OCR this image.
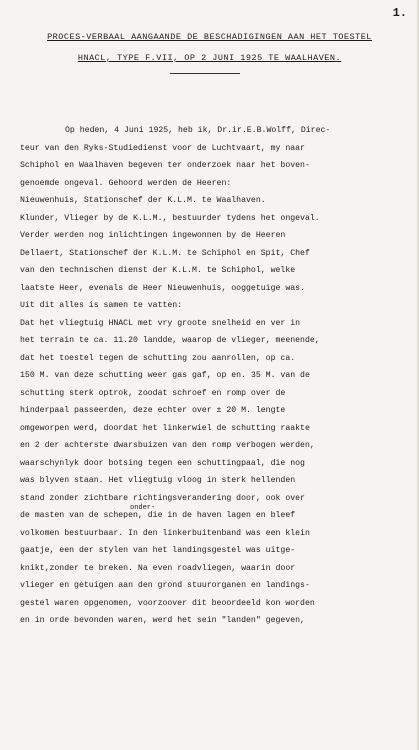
1.
PROCES-VERBAAL AANGAANDE DE BESCHADIGINGEN AAN HET TOESTEL
HNACL, TYPE F.VII, OP 2 JUNI 1925 TE WAALHAVEN.
onder-
Op heden, 4 Juni 1925, heb ik, Dr.ir.E.B.Wolff, Direc-
teur van den Ryks-Studiedienst voor de Luchtvaart, my naar
Schiphol en Waalhaven begeven ter onderzoek naar het boven-
genoemde ongeval. Gehoord werden de Heeren:
Nieuwenhuis, Stationschef der K.L.M. te Waalhaven.
Klunder, Vlieger by de K.L.M., bestuurder tydens het ongeval.
Verder werden nog inlichtingen ingewonnen by de Heeren
Dellaert, Stationschef der K.L.M. te Schiphol en Spit, Chef
van den technischen dienst der K.L.M. te Schiphol, welke
laatste Heer, evenals de Heer Nieuwenhuis, ooggetuige was.
Uit dit alles is samen te vatten:
Dat het vliegtuig HNACL met vry groote snelheid en ver in
het terrain te ca. 11.20 landde, waarop de vlieger, meenende,
dat het toestel tegen de schutting zou aanrollen, op ca.
150 M. van deze schutting weer gas gaf, op en. 35 M. van de
schutting sterk optrok, zoodat schroef en romp over de
hinderpaal passeerden, deze echter over ± 20 M. lengte
omgeworpen werd, doordat het linkerwiel de schutting raakte
en 2 der achterste dwarsbuizen van den romp verbogen werden,
waarschynlyk door botsing tegen een schuttingpaal, die nog
was blyven staan. Het vliegtuig vloog in sterk hellenden
stand zonder zichtbare richtingsverandering door, ook over
de masten van de schepen, die in de haven lagen en bleef
volkomen bestuurbaar. In den linkerbuitenband was een klein
gaatje, een der stylen van het landingsgestel was uitge-
knikt,zonder te breken. Na even roadvliegen, waarin door
vlieger en getuigen aan den grond stuurorganen en landings-
gestel waren opgenomen, voorzoover dit beoordeeld kon worden
en in orde bevonden waren, werd het sein "landen" gegeven,
